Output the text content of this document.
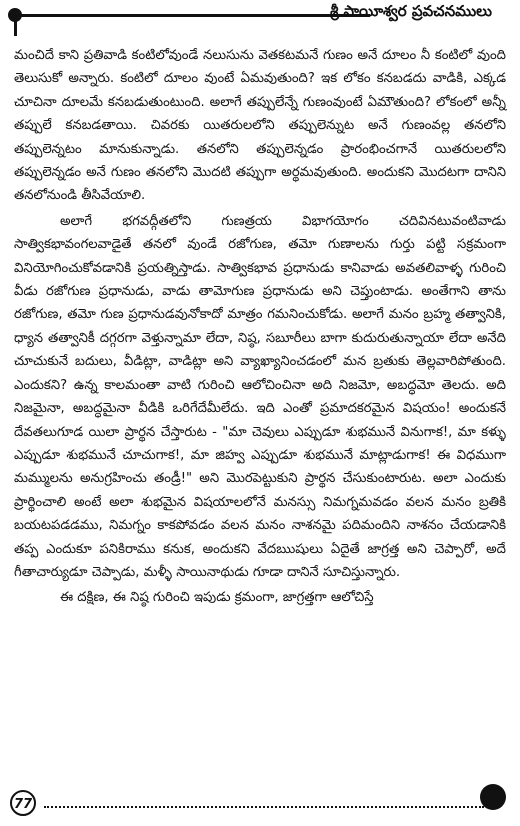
శ్రీ సాయీశ్వర ప్రవచనములు

మంచిదే కాని ప్రతివాడి కంటిలోవుండే నలుసును వెతకటమనే గుణం అనే దూలం నీ కంటిలో వుంది తెలుసుకో అన్నారు. కంటిలో దూలం వుంటే ఏమవుతుంది? ఇక లోకం కనబడదు వాడికి, ఎక్కడ చూచినా దూలమే కనబడుతుంటుంది. అలాగే తప్పులేన్నే గుణంవుంటే ఏమౌతుంది? లోకంలో అన్నీ తప్పులే కనబడతాయి. చివరకు యితరులలోని తప్పులెన్నుట అనే గుణంవల్ల తనలోని తప్పులెన్నటం మానుకున్నాడు. తనలోని తప్పులెన్నడం ప్రారంభించగానే యితరులలోని తప్పులెన్నడం అనే గుణం తనలోని మొదటి తప్పుగా అర్థమవుతుంది. అందుకని మొదటగా దానిని తనలోనుండి తీసివేయాలి.

అలాగే భగవద్గీతలోని గుణత్రయ విభాగయోగం చదివినటువంటివాడు సాత్వికభావంగలవాడైతే తనలో వుండే రజోగుణ, తమో గుణాలను గుర్తు పట్టి సక్రమంగా వినియోగించుకోవడానికి ప్రయత్నిస్తాడు. సాత్వికభావ ప్రధానుడు కానివాడు అవతలివాళ్ళ గురించి వీడు రజోగుణ ప్రధానుడు, వాడు తామోగుణ ప్రధానుడు అని చెప్తుంటాడు. అంతేగాని తాను రజోగుణ, తమో గుణ ప్రధానుడవునోకాదో మాత్రం గమనించుకోడు. అలాగే మనం బ్రహ్మ తత్వానికి, ధ్యాన తత్వానికీ దగ్గరగా వెళ్తున్నామా లేదా, నిష్ఠ, సబూరీలు బాగా కుదురుతున్నాయా లేదా అనేది చూచుకునే బదులు, వీడిట్లా, వాడిట్లా అని వ్యాఖ్యానించడంలో మన బ్రతుకు తెల్లవారిపోతుంది. ఎందుకని? ఉన్న కాలమంతా వాటి గురించి ఆలోచించినా అది నిజమో, అబద్ధమో తెలదు. అది నిజమైనా, అబద్ధమైనా వీడికి ఒరిగేదేమీలేదు. ఇది ఎంతో ప్రమాదకరమైన విషయం! అందుకనే దేవతలుగూడ యిలా ప్రార్థన చేస్తారుట - "మా చెవులు ఎప్పుడూ శుభమునే వినుగాక!, మా కళ్ళు ఎప్పుడూ శుభమునే చూచుగాక!, మా జిహ్వ ఎప్పుడూ శుభమునే మాట్లాడుగాక! ఈ విధముగా మమ్ములను అనుగ్రహించు తండ్రీ!" అని మొరపెట్టుకుని ప్రార్థన చేసుకుంటారుట. అలా ఎందుకు ప్రార్థించాలి అంటే అలా శుభమైన విషయాలలోనే మనస్సు నిమగ్నమవడం వలన మనం బ్రతికి బయటపడడము, నిమగ్నం కాకపోవడం వలన మనం నాశనమై పదిమందిని నాశనం చేయడానికి తప్ప ఎందుకూ పనికిరాము కనుక, అందుకని వేదఋషులు ఏదైతే జాగ్రత్త అని చెప్పారో, అదే గీతాచార్యుడూ చెప్పాడు, మళ్ళీ సాయినాథుడు గూడా దానినే సూచిస్తున్నారు.

ఈ దక్షిణ, ఈ నిష్ఠ గురించి ఇపుడు క్రమంగా, జాగ్రత్తగా ఆలోచిస్తే

77
